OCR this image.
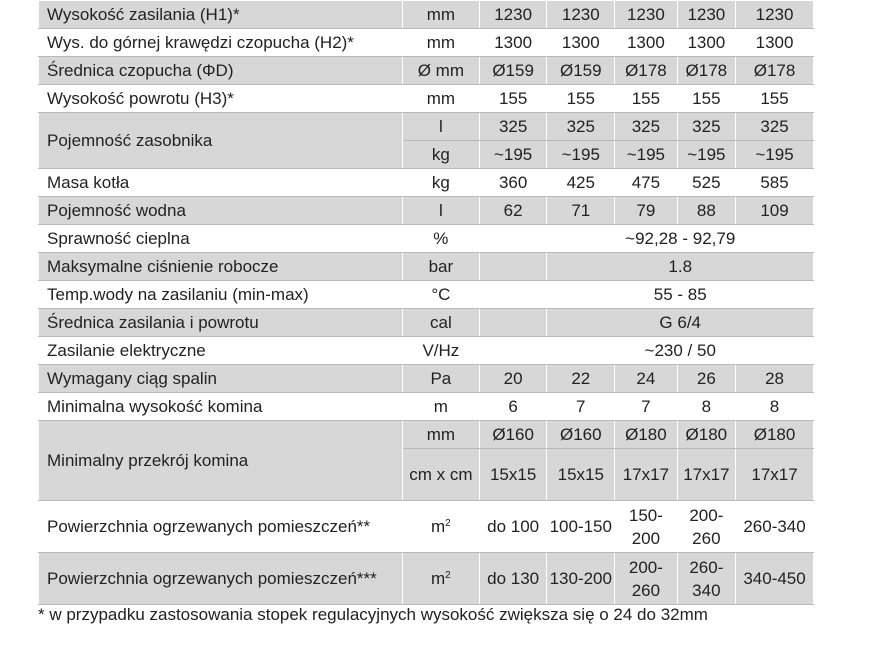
Wysokość zasilania (H1)*	mm	1230	1230	1230	1230	1230
Wys. do górnej krawędzi czopucha (H2)*	mm	1300	1300	1300	1300	1300
Średnica czopucha (ΦD)	Ø mm	Ø159	Ø159	Ø178	Ø178	Ø178
Wysokość powrotu (H3)*	mm	155	155	155	155	155
Pojemność zasobnika	l	325	325	325	325	325
	kg	~195	~195	~195	~195	~195
Masa kotła	kg	360	425	475	525	585
Pojemność wodna	l	62	71	79	88	109
Sprawność cieplna	%		~92,28 - 92,79			
Maksymalne ciśnienie robocze	bar		1.8			
Temp.wody na zasilaniu (min-max)	°C		55 - 85			
Średnica zasilania i powrotu	cal		G 6/4			
Zasilanie elektryczne	V/Hz		~230 / 50			
Wymagany ciąg spalin	Pa	20	22	24	26	28
Minimalna wysokość komina	m	6	7	7	8	8
Minimalny przekrój komina	mm	Ø160	Ø160	Ø180	Ø180	Ø180
	cm x cm	15x15	15x15	17x17	17x17	17x17
Powierzchnia ogrzewanych pomieszczeń**	$m^2$	do 100	100-150	150-200	200-260	260-340
Powierzchnia ogrzewanych pomieszczeń***	$m^2$	do 130	130-200	200-260	260-340	340-450
* w przypadku zastosowania stopek regulacyjnych wysokość zwiększa się o 24 do 32mm
